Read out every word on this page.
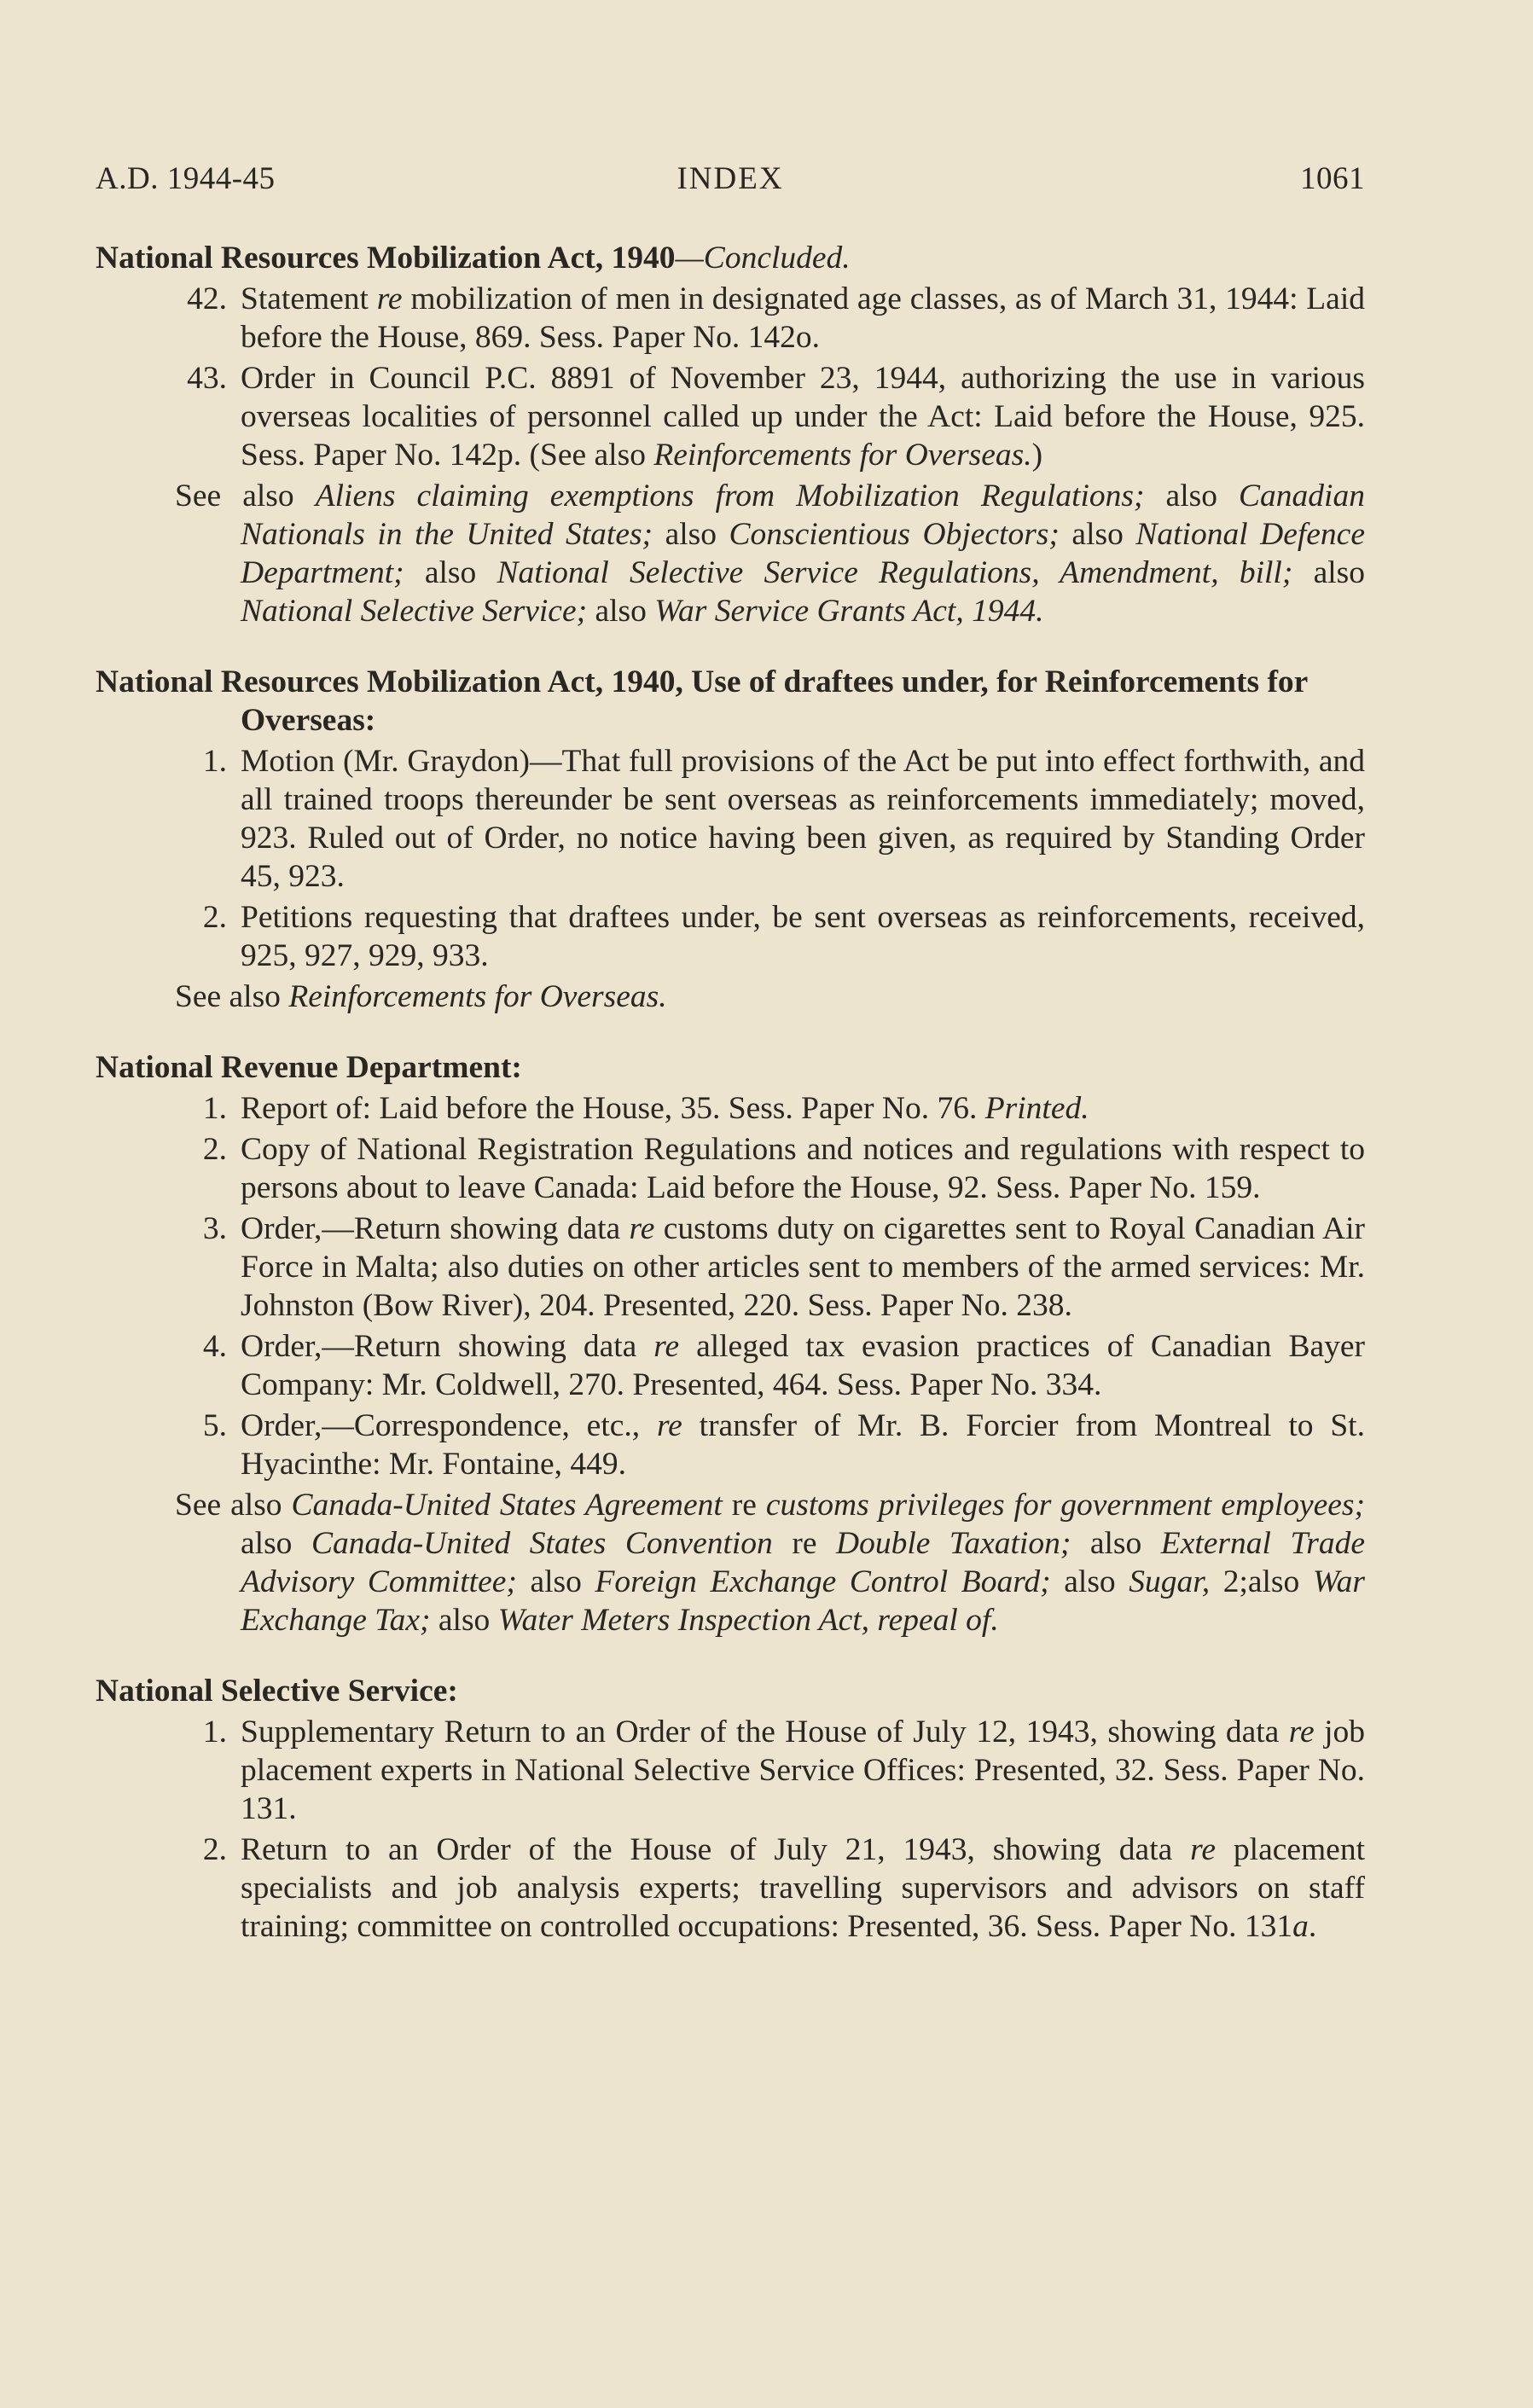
A.D. 1944-45	INDEX	1061
National Resources Mobilization Act, 1940—Concluded.
42. Statement re mobilization of men in designated age classes, as of March 31, 1944: Laid before the House, 869. Sess. Paper No. 142o.
43. Order in Council P.C. 8891 of November 23, 1944, authorizing the use in various overseas localities of personnel called up under the Act: Laid before the House, 925. Sess. Paper No. 142p. (See also Reinforcements for Overseas.)
See also Aliens claiming exemptions from Mobilization Regulations; also Canadian Nationals in the United States; also Conscientious Objectors; also National Defence Department; also National Selective Service Regulations, Amendment, bill; also National Selective Service; also War Service Grants Act, 1944.
National Resources Mobilization Act, 1940, Use of draftees under, for Reinforcements for Overseas:
1. Motion (Mr. Graydon)—That full provisions of the Act be put into effect forthwith, and all trained troops thereunder be sent overseas as reinforcements immediately; moved, 923. Ruled out of Order, no notice having been given, as required by Standing Order 45, 923.
2. Petitions requesting that draftees under, be sent overseas as reinforcements, received, 925, 927, 929, 933.
See also Reinforcements for Overseas.
National Revenue Department:
1. Report of: Laid before the House, 35. Sess. Paper No. 76. Printed.
2. Copy of National Registration Regulations and notices and regulations with respect to persons about to leave Canada: Laid before the House, 92. Sess. Paper No. 159.
3. Order,—Return showing data re customs duty on cigarettes sent to Royal Canadian Air Force in Malta; also duties on other articles sent to members of the armed services: Mr. Johnston (Bow River), 204. Presented, 220. Sess. Paper No. 238.
4. Order,—Return showing data re alleged tax evasion practices of Canadian Bayer Company: Mr. Coldwell, 270. Presented, 464. Sess. Paper No. 334.
5. Order,—Correspondence, etc., re transfer of Mr. B. Forcier from Montreal to St. Hyacinthe: Mr. Fontaine, 449.
See also Canada-United States Agreement re customs privileges for government employees; also Canada-United States Convention re Double Taxation; also External Trade Advisory Committee; also Foreign Exchange Control Board; also Sugar, 2;also War Exchange Tax; also Water Meters Inspection Act, repeal of.
National Selective Service:
1. Supplementary Return to an Order of the House of July 12, 1943, showing data re job placement experts in National Selective Service Offices: Presented, 32. Sess. Paper No. 131.
2. Return to an Order of the House of July 21, 1943, showing data re placement specialists and job analysis experts; travelling supervisors and advisors on staff training; committee on controlled occupations: Presented, 36. Sess. Paper No. 131a.
